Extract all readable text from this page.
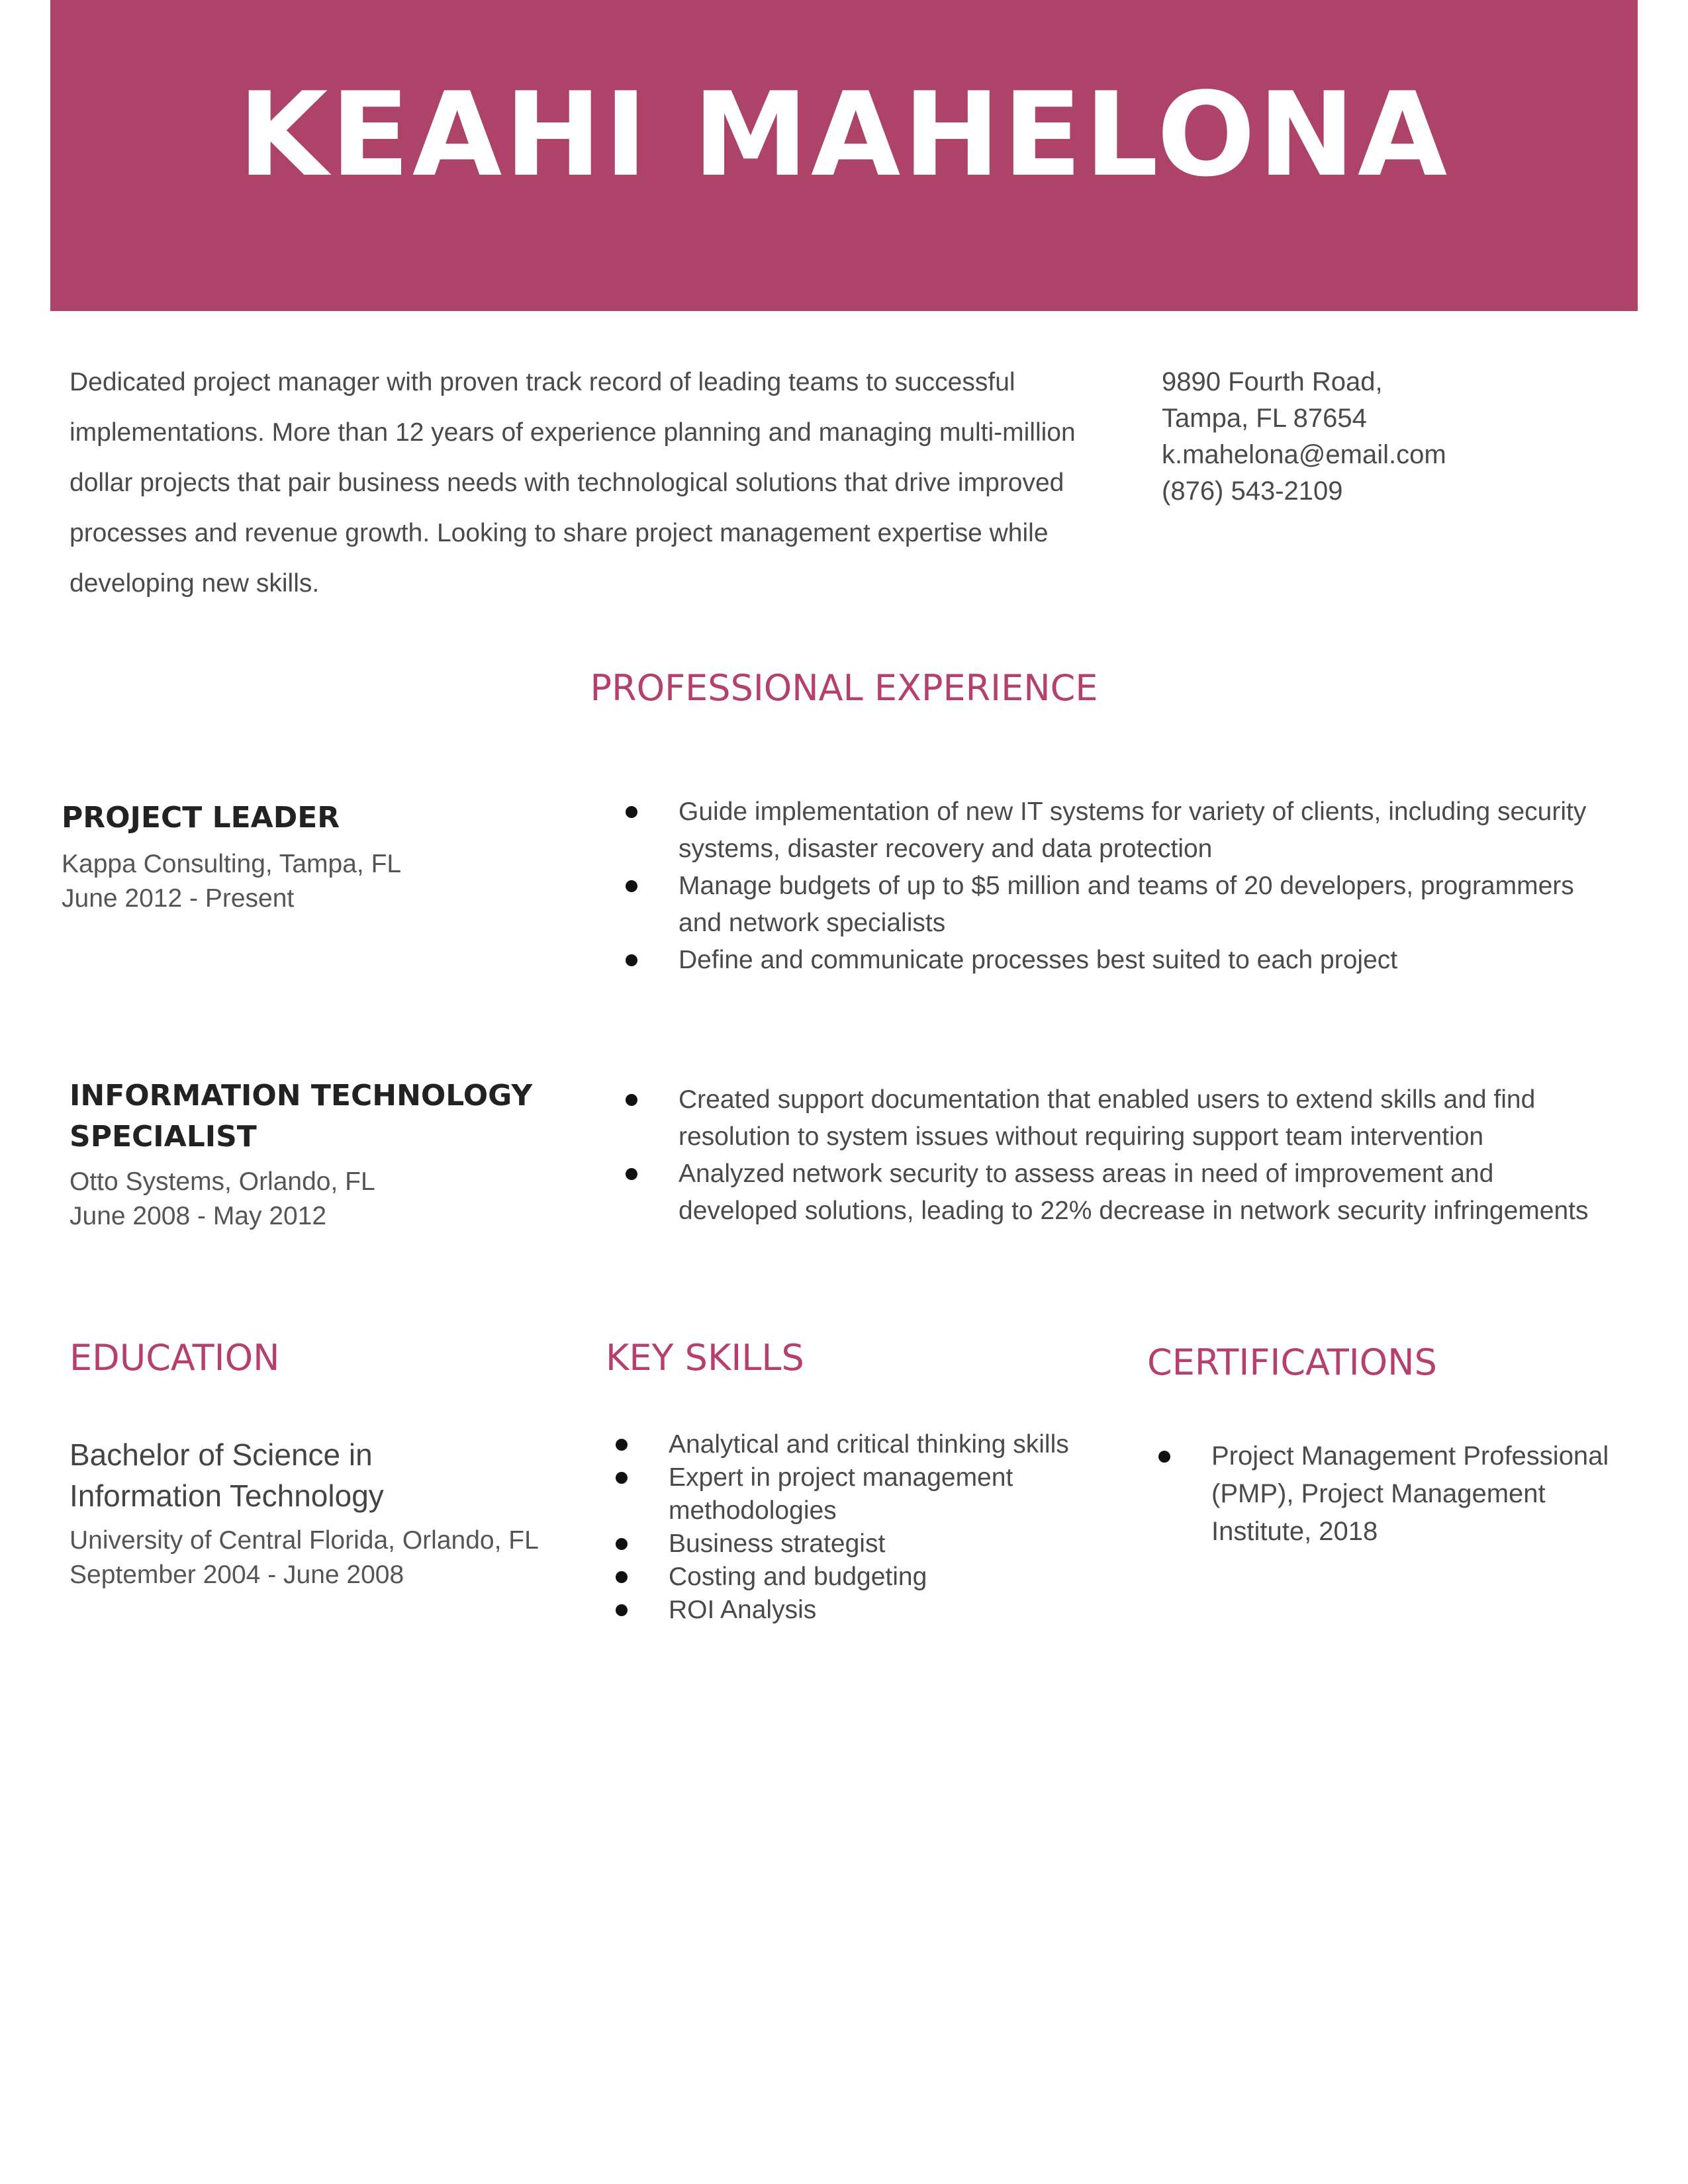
KEAHI MAHELONA

Dedicated project manager with proven track record of leading teams to successful implementations. More than 12 years of experience planning and managing multi-million dollar projects that pair business needs with technological solutions that drive improved processes and revenue growth. Looking to share project management expertise while developing new skills.

9890 Fourth Road,
Tampa, FL 87654
k.mahelona@email.com
(876) 543-2109
PROFESSIONAL EXPERIENCE
PROJECT LEADER
Kappa Consulting, Tampa, FL
June 2012 - Present
Guide implementation of new IT systems for variety of clients, including security systems, disaster recovery and data protection
Manage budgets of up to $5 million and teams of 20 developers, programmers and network specialists
Define and communicate processes best suited to each project
INFORMATION TECHNOLOGY
SPECIALIST
Otto Systems, Orlando, FL
June 2008 - May 2012
Created support documentation that enabled users to extend skills and find resolution to system issues without requiring support team intervention
Analyzed network security to assess areas in need of improvement and developed solutions, leading to 22% decrease in network security infringements
EDUCATION
Bachelor of Science in
Information Technology
University of Central Florida, Orlando, FL
September 2004 - June 2008
KEY SKILLS
Analytical and critical thinking skills
Expert in project management methodologies
Business strategist
Costing and budgeting
ROI Analysis
CERTIFICATIONS
Project Management Professional (PMP), Project Management Institute, 2018
